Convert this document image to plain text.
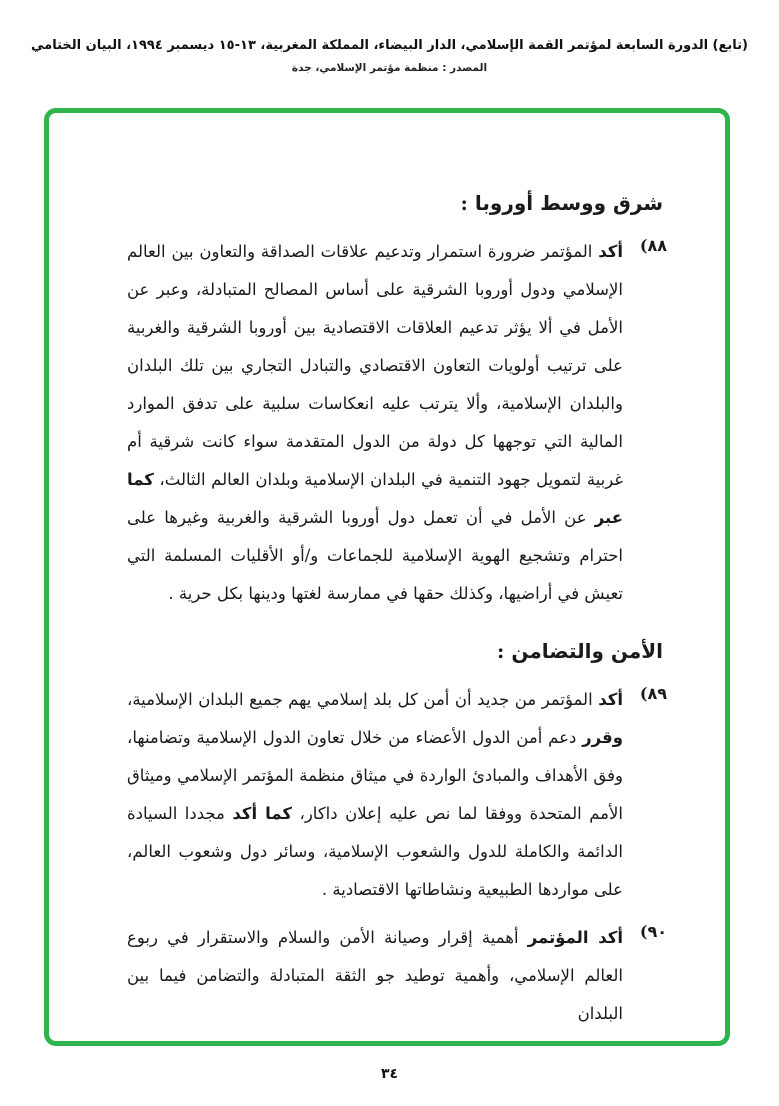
(تابع) الدورة السابعة لمؤتمر القمة الإسلامي، الدار البيضاء، المملكة المغربية، ١٣-١٥ ديسمبر ١٩٩٤، البيان الختامي
المصدر : منظمة مؤتمر الإسلامي، جدة
شرق ووسط أوروبا :
٨٨)
أكد المؤتمر ضرورة استمرار وتدعيم علاقات الصداقة والتعاون بين العالم الإسلامي ودول أوروبا الشرقية على أساس المصالح المتبادلة، وعبر عن الأمل في ألا يؤثر تدعيم العلاقات الاقتصادية بين أوروبا الشرقية والغربية على ترتيب أولويات التعاون الاقتصادي والتبادل التجاري بين تلك البلدان والبلدان الإسلامية، وألا يترتب عليه انعكاسات سلبية على تدفق الموارد المالية التي توجهها كل دولة من الدول المتقدمة سواء كانت شرقية أم غربية لتمويل جهود التنمية في البلدان الإسلامية وبلدان العالم الثالث، كما عبر عن الأمل في أن تعمل دول أوروبا الشرقية والغربية وغيرها على احترام وتشجيع الهوية الإسلامية للجماعات و/أو الأقليات المسلمة التي تعيش في أراضيها، وكذلك حقها في ممارسة لغتها ودينها بكل حرية .
الأمن والتضامن :
٨٩)
أكد المؤتمر من جديد أن أمن كل بلد إسلامي يهم جميع البلدان الإسلامية، وقرر دعم أمن الدول الأعضاء من خلال تعاون الدول الإسلامية وتضامنها، وفق الأهداف والمبادئ الواردة في ميثاق منظمة المؤتمر الإسلامي وميثاق الأمم المتحدة ووفقا لما نص عليه إعلان داكار، كما أكد مجددا السيادة الدائمة والكاملة للدول والشعوب الإسلامية، وسائر دول وشعوب العالم، على مواردها الطبيعية ونشاطاتها الاقتصادية .
٩٠)
أكد المؤتمر أهمية إقرار وصيانة الأمن والسلام والاستقرار في ربوع العالم الإسلامي، وأهمية توطيد جو الثقة المتبادلة والتضامن فيما بين البلدان
٣٤
